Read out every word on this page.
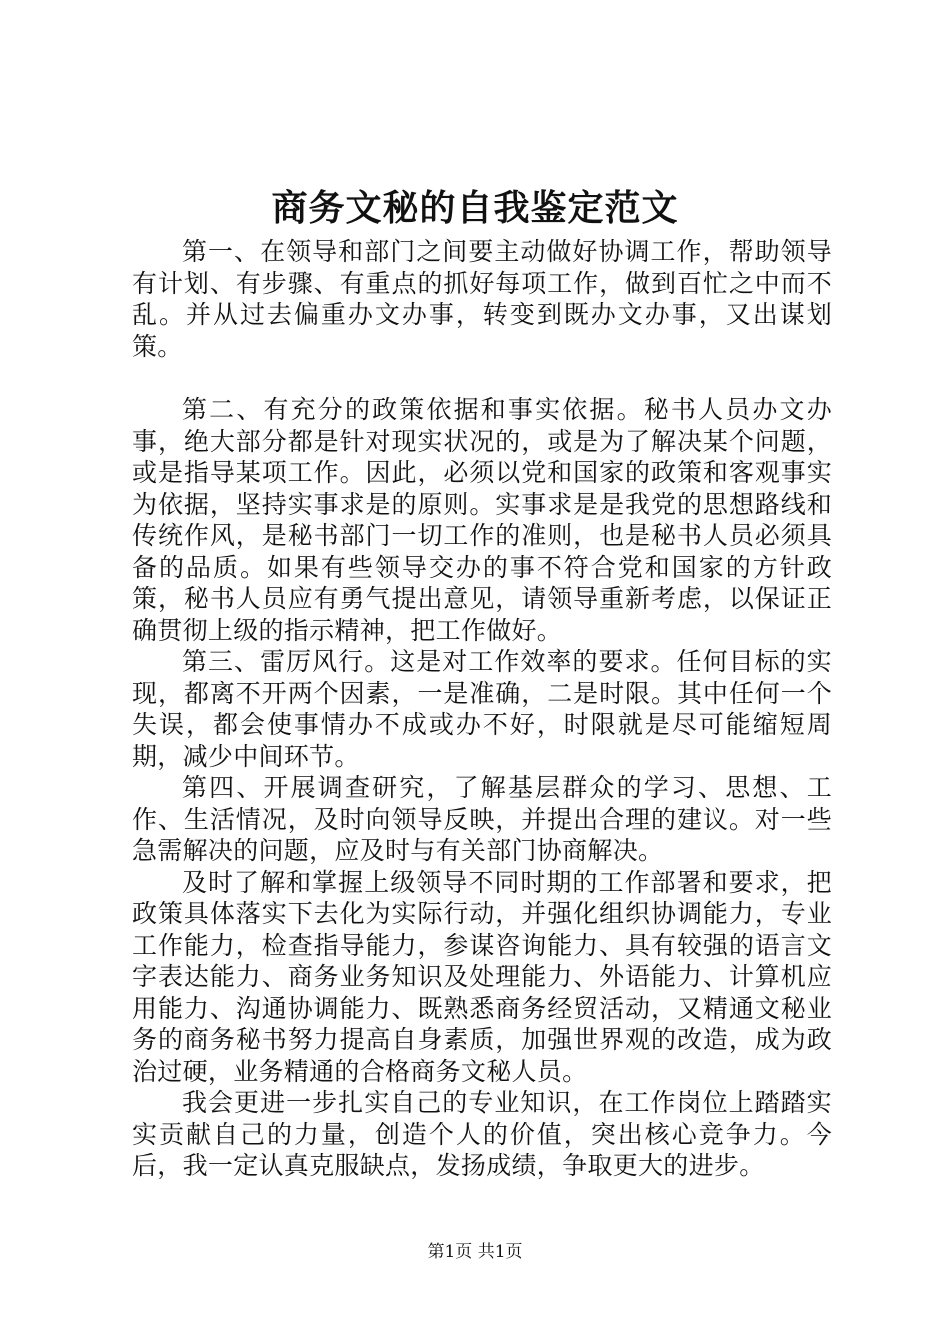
商务文秘的自我鉴定范文

第一、在领导和部门之间要主动做好协调工作，帮助领导有计划、有步骤、有重点的抓好每项工作，做到百忙之中而不乱。并从过去偏重办文办事，转变到既办文办事，又出谋划策。

第二、有充分的政策依据和事实依据。秘书人员办文办事，绝大部分都是针对现实状况的，或是为了解决某个问题，或是指导某项工作。因此，必须以党和国家的政策和客观事实为依据，坚持实事求是的原则。实事求是是我党的思想路线和传统作风，是秘书部门一切工作的准则，也是秘书人员必须具备的品质。如果有些领导交办的事不符合党和国家的方针政策，秘书人员应有勇气提出意见，请领导重新考虑，以保证正确贯彻上级的指示精神，把工作做好。

第三、雷厉风行。这是对工作效率的要求。任何目标的实现，都离不开两个因素，一是准确，二是时限。其中任何一个失误，都会使事情办不成或办不好，时限就是尽可能缩短周期，减少中间环节。

第四、开展调查研究，了解基层群众的学习、思想、工作、生活情况，及时向领导反映，并提出合理的建议。对一些急需解决的问题，应及时与有关部门协商解决。

及时了解和掌握上级领导不同时期的工作部署和要求，把政策具体落实下去化为实际行动，并强化组织协调能力，专业工作能力，检查指导能力，参谋咨询能力、具有较强的语言文字表达能力、商务业务知识及处理能力、外语能力、计算机应用能力、沟通协调能力、既熟悉商务经贸活动，又精通文秘业务的商务秘书努力提高自身素质，加强世界观的改造，成为政治过硬，业务精通的合格商务文秘人员。

我会更进一步扎实自己的专业知识，在工作岗位上踏踏实实贡献自己的力量，创造个人的价值，突出核心竞争力。今后，我一定认真克服缺点，发扬成绩，争取更大的进步。

第1页 共1页
